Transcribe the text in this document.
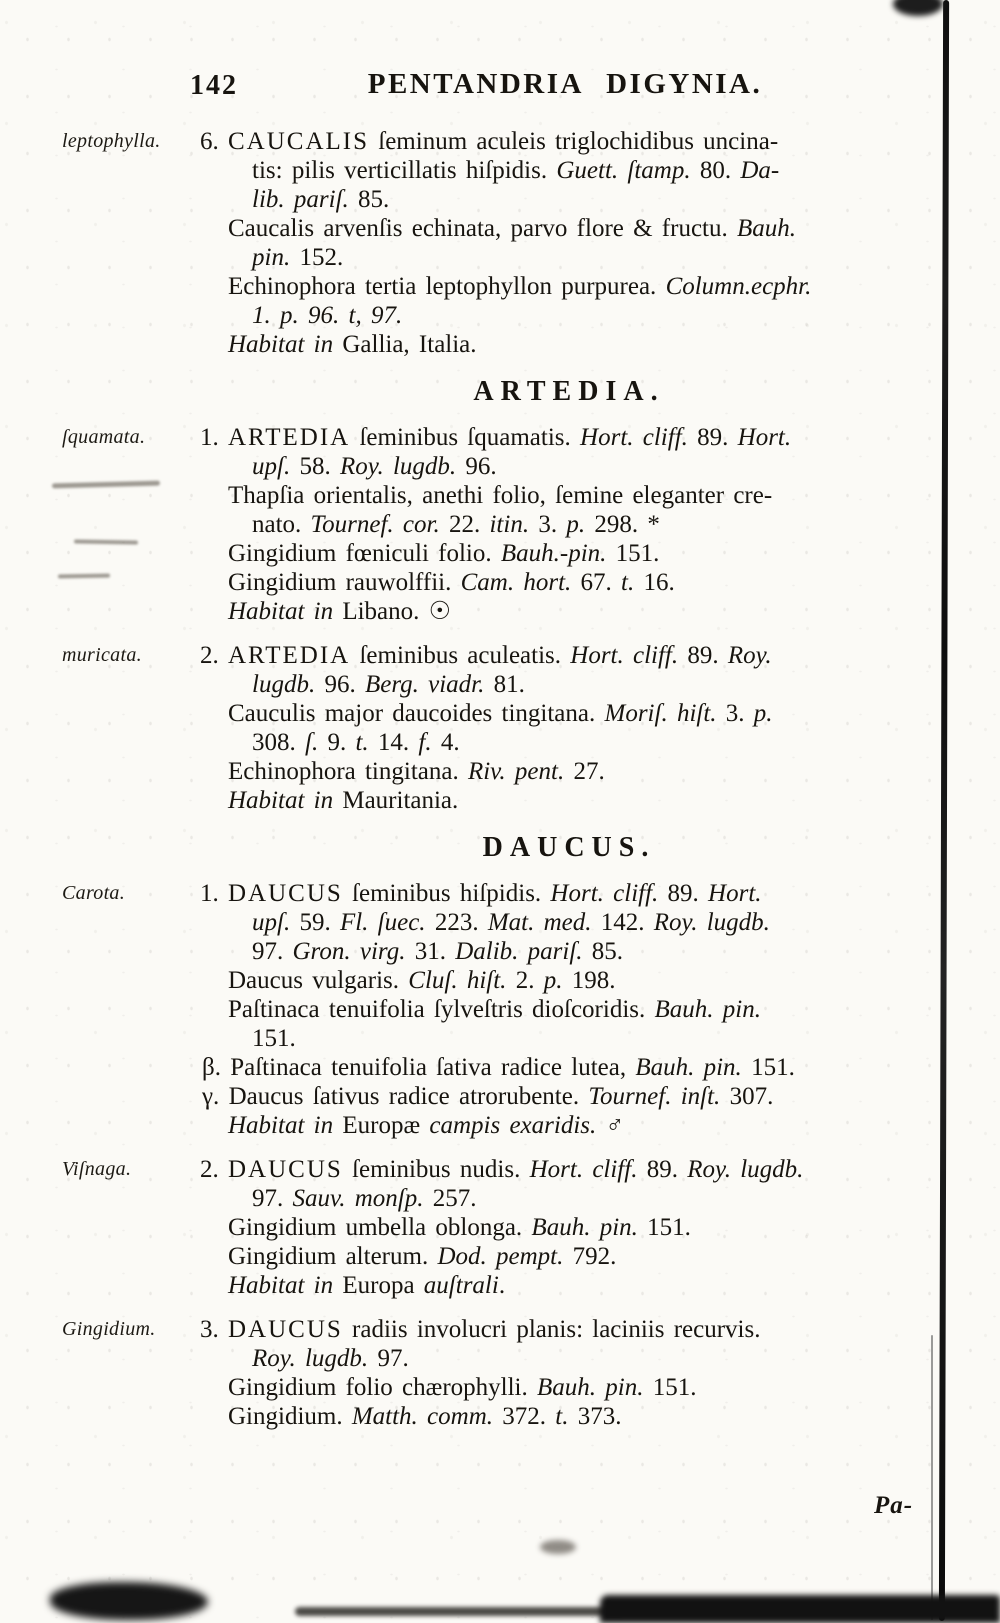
142	PENTANDRIA DIGYNIA.
leptophylla.	6. CAUCALIS ſeminum aculeis triglochidibus uncina-
tis: pilis verticillatis hiſpidis. Guett. ſtamp. 80. Da-
lib. pariſ. 85.
Caucalis arvenſis echinata, parvo flore & fructu. Bauh.
pin. 152.
Echinophora tertia leptophyllon purpurea. Column.ecphr.
1. p. 96. t, 97.
Habitat in Gallia, Italia.
ARTEDIA.
ſquamata.	1. ARTEDIA ſeminibus ſquamatis. Hort. cliff. 89. Hort.
upſ. 58. Roy. lugdb. 96.
Thapſia orientalis, anethi folio, ſemine eleganter cre-
nato. Tournef. cor. 22. itin. 3. p. 298. *
Gingidium fœniculi folio. Bauh.-pin. 151.
Gingidium rauwolffii. Cam. hort. 67. t. 16.
Habitat in Libano. ☉
muricata.	2. ARTEDIA ſeminibus aculeatis. Hort. cliff. 89. Roy.
lugdb. 96. Berg. viadr. 81.
Cauculis major daucoides tingitana. Moriſ. hiſt. 3. p.
308. ſ. 9. t. 14. f. 4.
Echinophora tingitana. Riv. pent. 27.
Habitat in Mauritania.
DAUCUS.
Carota.	1. DAUCUS ſeminibus hiſpidis. Hort. cliff. 89. Hort.
upſ. 59. Fl. ſuec. 223. Mat. med. 142. Roy. lugdb.
97. Gron. virg. 31. Dalib. pariſ. 85.
Daucus vulgaris. Cluſ. hiſt. 2. p. 198.
Paſtinaca tenuifolia ſylveſtris dioſcoridis. Bauh. pin.
151.
β. Paſtinaca tenuifolia ſativa radice lutea, Bauh. pin. 151.
γ. Daucus ſativus radice atrorubente. Tournef. inſt. 307.
Habitat in Europæ campis exaridis. ♂
Viſnaga.	2. DAUCUS ſeminibus nudis. Hort. cliff. 89. Roy. lugdb.
97. Sauv. monſp. 257.
Gingidium umbella oblonga. Bauh. pin. 151.
Gingidium alterum. Dod. pempt. 792.
Habitat in Europa auſtrali.
Gingidium.	3. DAUCUS radiis involucri planis: laciniis recurvis.
Roy. lugdb. 97.
Gingidium folio chærophylli. Bauh. pin. 151.
Gingidium. Matth. comm. 372. t. 373.
Pa-
